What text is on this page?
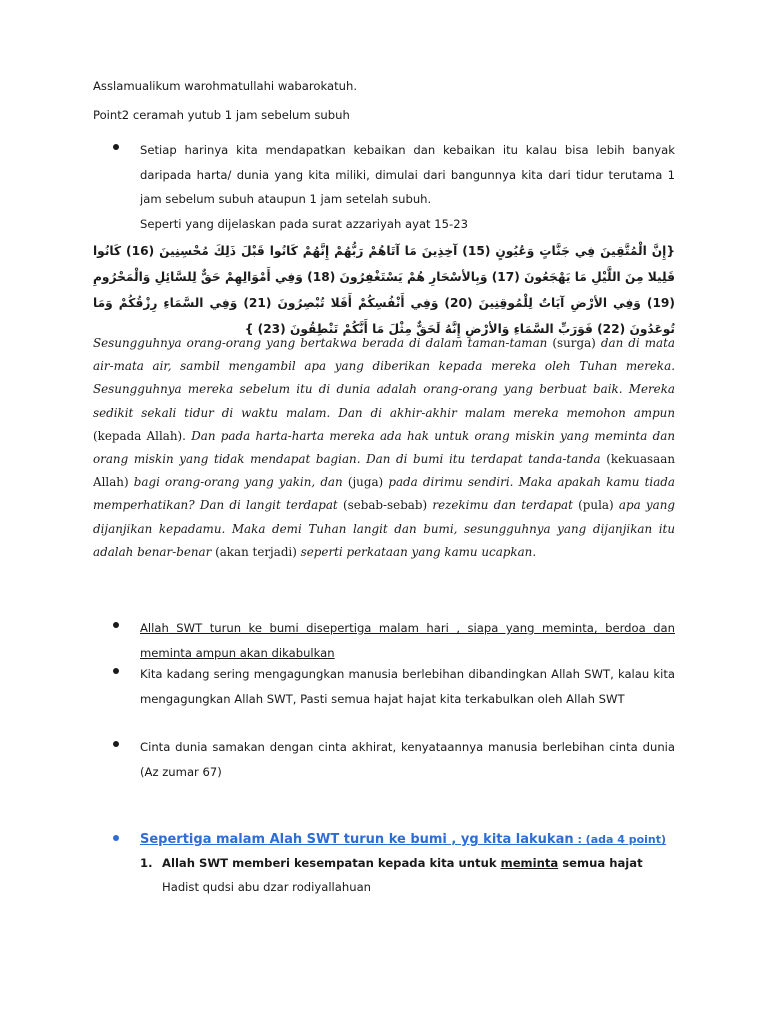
Asslamualikum warohmatullahi wabarokatuh.
Point2 ceramah yutub 1 jam sebelum subuh
Setiap harinya kita mendapatkan kebaikan dan kebaikan itu kalau bisa lebih banyak daripada harta/ dunia yang kita miliki, dimulai dari bangunnya kita dari tidur terutama 1 jam sebelum subuh ataupun 1 jam setelah subuh.
Seperti yang dijelaskan pada surat azzariyah ayat 15-23
{إِنَّ الْمُتَّقِينَ فِي جَنَّاتٍ وَعُيُونٍ (15) آخِذِينَ مَا آتَاهُمْ رَبُّهُمْ إِنَّهُمْ كَانُوا قَبْلَ ذَلِكَ مُحْسِنِينَ (16) كَانُوا قَلِيلا مِنَ اللَّيْلِ مَا يَهْجَعُونَ (17) وَبِالأسْحَارِ هُمْ يَسْتَغْفِرُونَ (18) وَفِي أَمْوَالِهِمْ حَقٌّ لِلسَّائِلِ وَالْمَحْرُومِ (19) وَفِي الأرْضِ آيَاتٌ لِلْمُوقِنِينَ (20) وَفِي أَنْفُسِكُمْ أَفَلا تُبْصِرُونَ (21) وَفِي السَّمَاءِ رِزْقُكُمْ وَمَا تُوعَدُونَ (22) فَوَرَبِّ السَّمَاءِ وَالأرْضِ إِنَّهُ لَحَقٌّ مِثْلَ مَا أَنَّكُمْ تَنْطِقُونَ (23) }
Sesungguhnya orang-orang yang bertakwa berada di dalam taman-taman (surga) dan di mata air-mata air, sambil mengambil apa yang diberikan kepada mereka oleh Tuhan mereka. Sesungguhnya mereka sebelum itu di dunia adalah orang-orang yang berbuat baik. Mereka sedikit sekali tidur di waktu malam. Dan di akhir-akhir malam mereka memohon ampun (kepada Allah). Dan pada harta-harta mereka ada hak untuk orang miskin yang meminta dan orang miskin yang tidak mendapat bagian. Dan di bumi itu terdapat tanda-tanda (kekuasaan Allah) bagi orang-orang yang yakin, dan (juga) pada dirimu sendiri. Maka apakah kamu tiada memperhatikan? Dan di langit terdapat (sebab-sebab) rezekimu dan terdapat (pula) apa yang dijanjikan kepadamu. Maka demi Tuhan langit dan bumi, sesungguhnya yang dijanjikan itu adalah benar-benar (akan terjadi) seperti perkataan yang kamu ucapkan.
Allah SWT turun ke bumi disepertiga malam hari , siapa yang meminta, berdoa dan meminta ampun akan dikabulkan
Kita kadang sering mengagungkan manusia berlebihan dibandingkan Allah SWT, kalau kita mengagungkan Allah SWT, Pasti semua hajat hajat kita terkabulkan oleh Allah SWT
Cinta dunia samakan dengan cinta akhirat, kenyataannya manusia berlebihan cinta dunia (Az zumar 67)
Sepertiga malam Alah SWT turun ke bumi , yg kita lakukan : (ada 4 point)
1. Allah SWT memberi kesempatan kepada kita untuk meminta semua hajat
Hadist qudsi abu dzar rodiyallahuan
